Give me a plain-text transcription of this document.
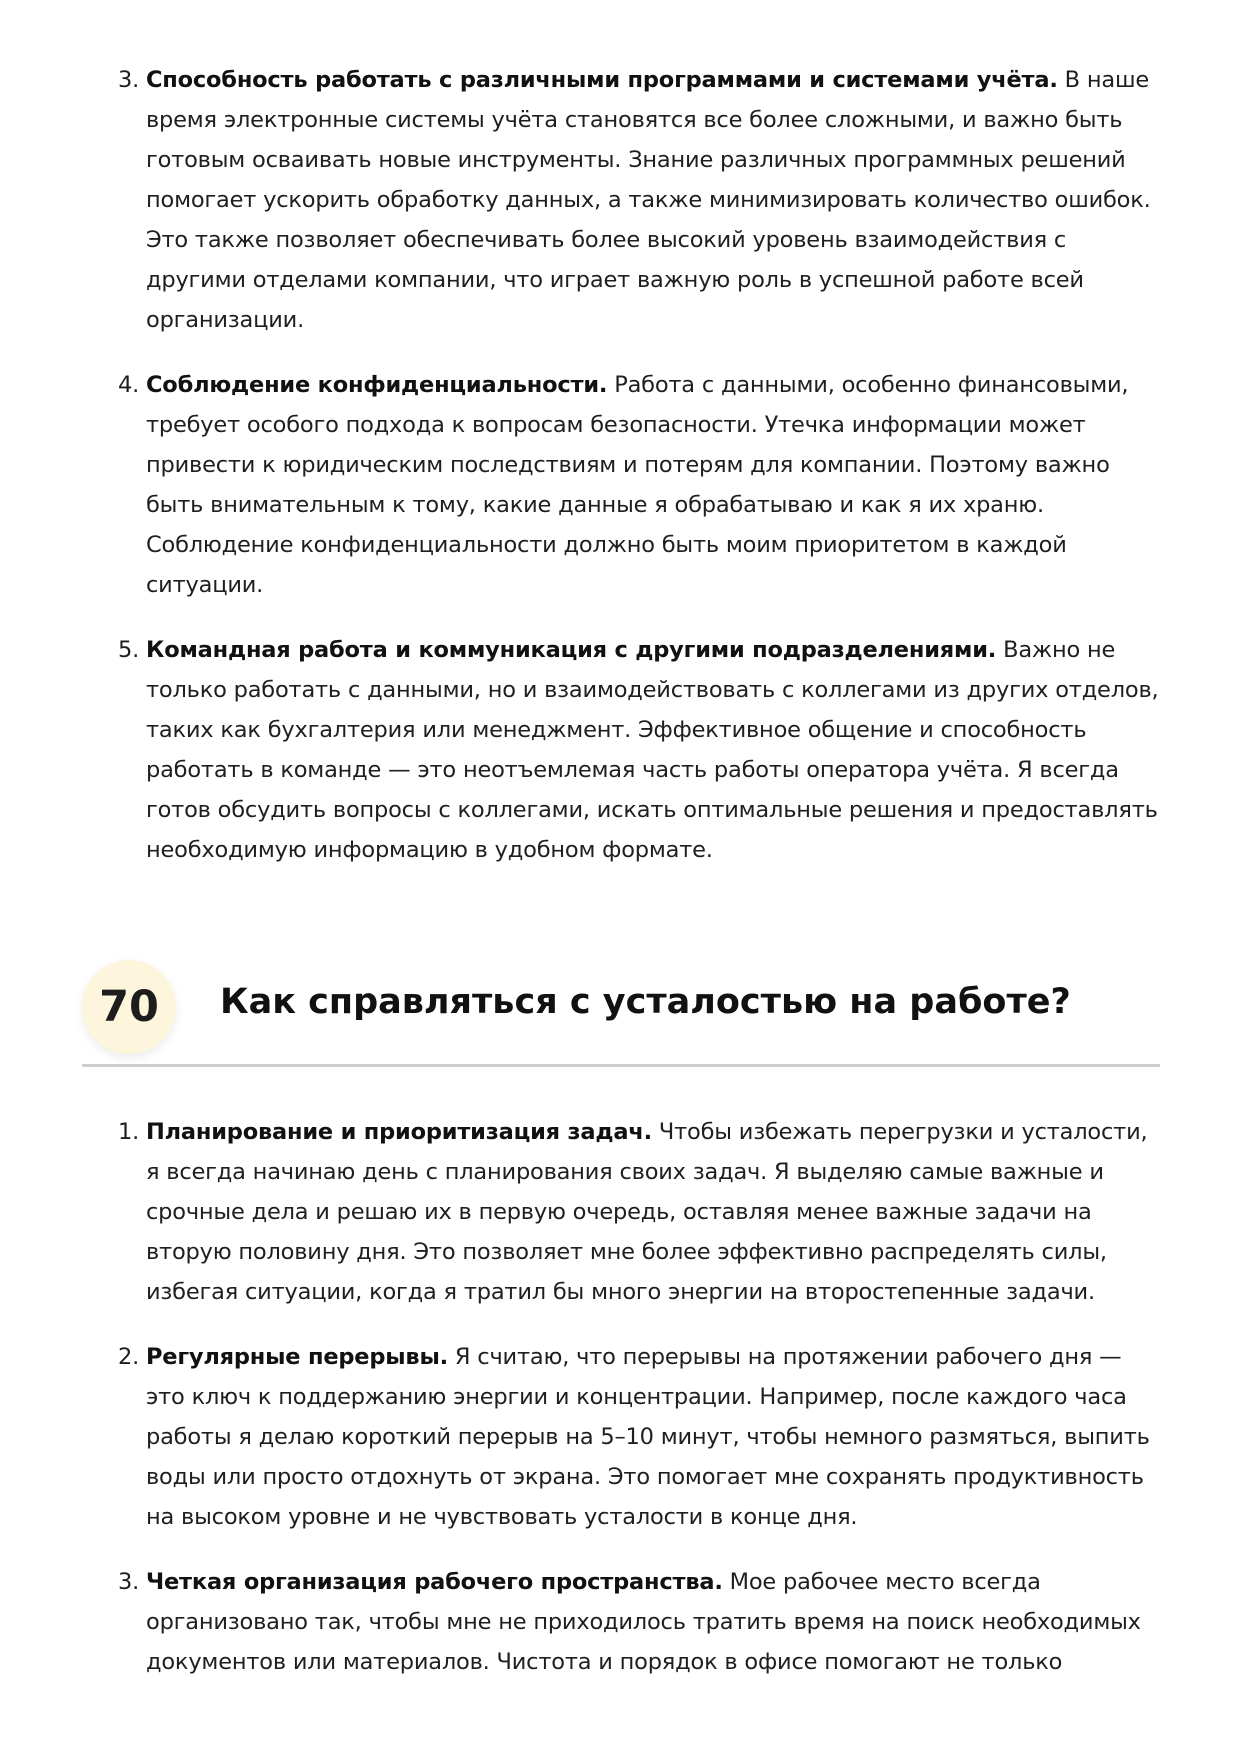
3. Способность работать с различными программами и системами учёта. В наше время электронные системы учёта становятся все более сложными, и важно быть готовым осваивать новые инструменты. Знание различных программных решений помогает ускорить обработку данных, а также минимизировать количество ошибок. Это также позволяет обеспечивать более высокий уровень взаимодействия с другими отделами компании, что играет важную роль в успешной работе всей организации.
4. Соблюдение конфиденциальности. Работа с данными, особенно финансовыми, требует особого подхода к вопросам безопасности. Утечка информации может привести к юридическим последствиям и потерям для компании. Поэтому важно быть внимательным к тому, какие данные я обрабатываю и как я их храню. Соблюдение конфиденциальности должно быть моим приоритетом в каждой ситуации.
5. Командная работа и коммуникация с другими подразделениями. Важно не только работать с данными, но и взаимодействовать с коллегами из других отделов, таких как бухгалтерия или менеджмент. Эффективное общение и способность работать в команде — это неотъемлемая часть работы оператора учёта. Я всегда готов обсудить вопросы с коллегами, искать оптимальные решения и предоставлять необходимую информацию в удобном формате.
70	Как справляться с усталостью на работе?
1. Планирование и приоритизация задач. Чтобы избежать перегрузки и усталости, я всегда начинаю день с планирования своих задач. Я выделяю самые важные и срочные дела и решаю их в первую очередь, оставляя менее важные задачи на вторую половину дня. Это позволяет мне более эффективно распределять силы, избегая ситуации, когда я тратил бы много энергии на второстепенные задачи.
2. Регулярные перерывы. Я считаю, что перерывы на протяжении рабочего дня — это ключ к поддержанию энергии и концентрации. Например, после каждого часа работы я делаю короткий перерыв на 5–10 минут, чтобы немного размяться, выпить воды или просто отдохнуть от экрана. Это помогает мне сохранять продуктивность на высоком уровне и не чувствовать усталости в конце дня.
3. Четкая организация рабочего пространства. Мое рабочее место всегда организовано так, чтобы мне не приходилось тратить время на поиск необходимых документов или материалов. Чистота и порядок в офисе помогают не только
